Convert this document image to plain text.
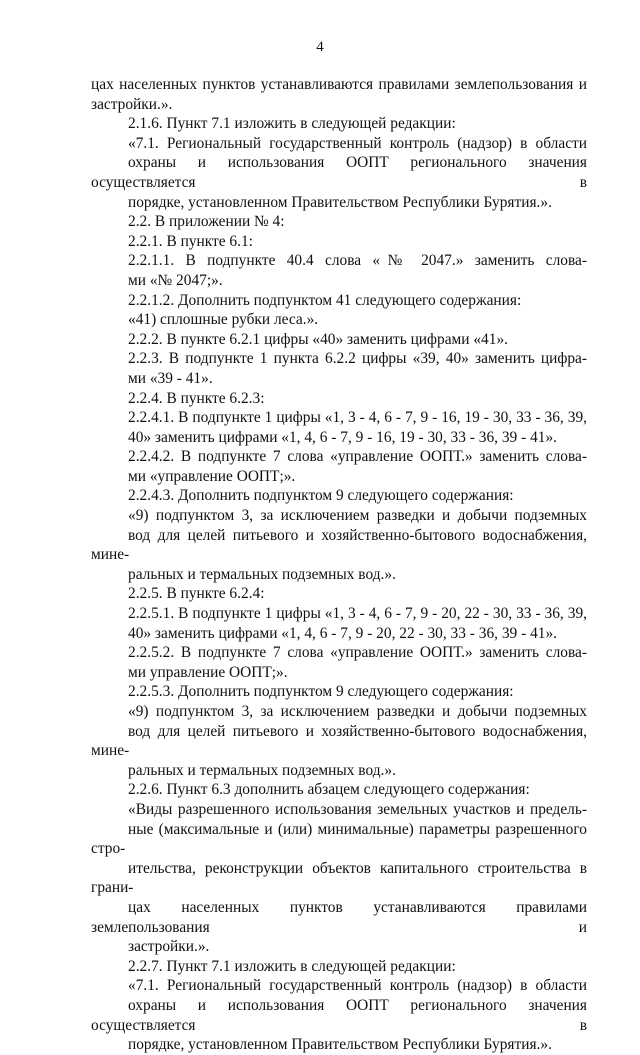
4

цах населенных пунктов устанавливаются правилами землепользования и
застройки.».

2.1.6. Пункт 7.1 изложить в следующей редакции:

«7.1. Региональный государственный контроль (надзор) в области
охраны и использования ООПТ регионального значения осуществляется в
порядке, установленном Правительством Республики Бурятия.».

2.2. В приложении № 4:

2.2.1. В пункте 6.1:

2.2.1.1. В подпункте 40.4 слова «№ 2047.» заменить слова-
ми «№ 2047;».

2.2.1.2. Дополнить подпунктом 41 следующего содержания:

«41) сплошные рубки леса.».

2.2.2. В пункте 6.2.1 цифры «40» заменить цифрами «41».

2.2.3. В подпункте 1 пункта 6.2.2 цифры «39, 40» заменить цифра-
ми «39 - 41».

2.2.4. В пункте 6.2.3:

2.2.4.1. В подпункте 1 цифры «1, 3 - 4, 6 - 7, 9 - 16, 19 - 30, 33 - 36, 39,
40» заменить цифрами «1, 4, 6 - 7, 9 - 16, 19 - 30, 33 - 36, 39 - 41».

2.2.4.2. В подпункте 7 слова «управление ООПТ.» заменить слова-
ми «управление ООПТ;».

2.2.4.3. Дополнить подпунктом 9 следующего содержания:

«9) подпунктом 3, за исключением разведки и добычи подземных
вод для целей питьевого и хозяйственно-бытового водоснабжения, мине-
ральных и термальных подземных вод.».

2.2.5. В пункте 6.2.4:

2.2.5.1. В подпункте 1 цифры «1, 3 - 4, 6 - 7, 9 - 20, 22 - 30, 33 - 36, 39,
40» заменить цифрами «1, 4, 6 - 7, 9 - 20, 22 - 30, 33 - 36, 39 - 41».

2.2.5.2. В подпункте 7 слова «управление ООПТ.» заменить слова-
ми управление ООПТ;».

2.2.5.3. Дополнить подпунктом 9 следующего содержания:

«9) подпунктом 3, за исключением разведки и добычи подземных
вод для целей питьевого и хозяйственно-бытового водоснабжения, мине-
ральных и термальных подземных вод.».

2.2.6. Пункт 6.3 дополнить абзацем следующего содержания:

«Виды разрешенного использования земельных участков и предель-
ные (максимальные и (или) минимальные) параметры разрешенного стро-
ительства, реконструкции объектов капитального строительства в грани-
цах населенных пунктов устанавливаются правилами землепользования и
застройки.».

2.2.7. Пункт 7.1 изложить в следующей редакции:

«7.1. Региональный государственный контроль (надзор) в области
охраны и использования ООПТ регионального значения осуществляется в
порядке, установленном Правительством Республики Бурятия.».
